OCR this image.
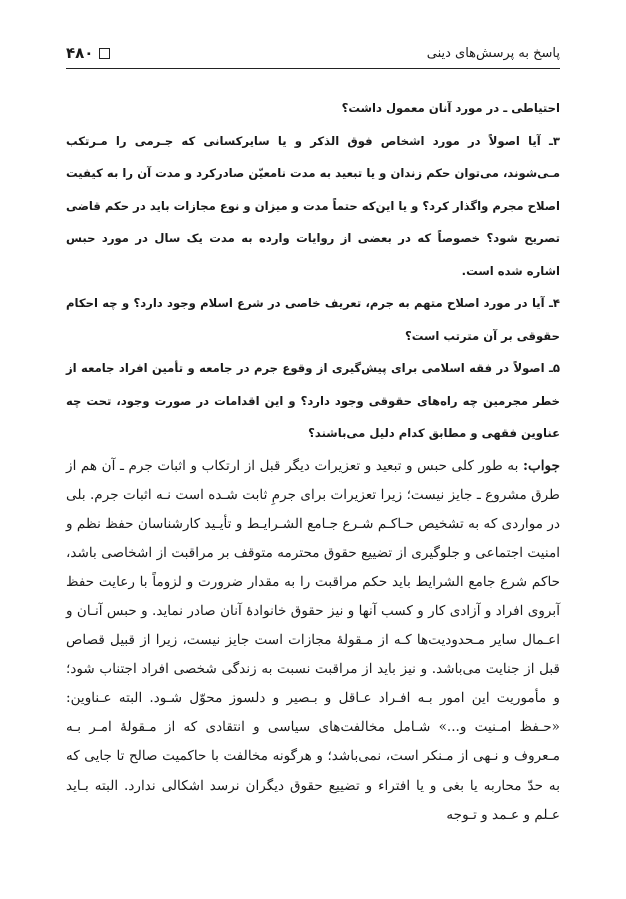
پاسخ به پرسش‌های دینی
۴۸۰

احتیاطی ـ در مورد آنان معمول داشت؟

۳ـ آیا اصولاً در مورد اشخاص فوق الذکر و یا سایرکسانی که جـرمی را مـرتکب مـی‌شوند، می‌توان حکم زندان و یا تبعید به مدت نامعیّن صادرکرد و مدت آن را به کیفیت اصلاح مجرم واگذار کرد؟ و یا این‌که حتماً مدت و میزان و نوع مجازات باید در حکم قاضی تصریح شود؟ خصوصاً که در بعضی از روایات وارده به مدت یک سال در مورد حبس اشاره شده است.

۴ـ آیا در مورد اصلاح متهم به جرم، تعریف خاصی در شرع اسلام وجود دارد؟ و چه احکام حقوقی بر آن مترتب است؟

۵ـ اصولاً در فقه اسلامی برای پیش‌گیری از وقوع جرم در جامعه و تأمین افراد جامعه از خطر مجرمین چه راه‌های حقوقی وجود دارد؟ و این اقدامات در صورت وجود، تحت چه عناوین فقهی و مطابق کدام دلیل می‌باشند؟

جواب: به طور کلی حبس و تبعید و تعزیرات دیگر قبل از ارتکاب و اثبات جرم ـ آن هم از طرق مشروع ـ جایز نیست؛ زیرا تعزیرات برای جرمِ ثابت شـده است نـه اثبات جرم. بلی در مواردی که به تشخیص حـاکـم شـرع جـامع الشـرایـط و تأیـید کارشناسان حفظ نظم و امنیت اجتماعی و جلوگیری از تضییع حقوق محترمه متوقف بر مراقبت از اشخاصی باشد، حاکم شرع جامع الشرایط باید حکم مراقبت را به مقدار ضرورت و لزوماً با رعایت حفظ آبروی افراد و آزادی کار و کسب آنها و نیز حقوق خانوادهٔ آنان صادر نماید. و حبس آنـان و اعـمال سایر مـحدودیت‌ها کـه از مـقولهٔ مجازات است جایز نیست، زیرا از قبیل قصاص قبل از جنایت می‌باشد. و نیز باید از مراقبت نسبت به زندگی شخصی افراد اجتناب شود؛ و مأموریت این امور بـه افـراد عـاقل و بـصیر و دلسوز محوّل شـود. البته عـناوین: «حـفظ امـنیت و...» شـامل مخالفت‌های سیاسی و انتقادی که از مـقولهٔ امـر بـه مـعروف و نـهی از مـنکر است، نمی‌باشد؛ و هرگونه مخالفت با حاکمیت صالح تا جایی که به حدّ محاربه یا بغی و یا افتراء و تضییع حقوق دیگران نرسد اشکالی ندارد. البته بـاید عـلم و عـمد و تـوجه
